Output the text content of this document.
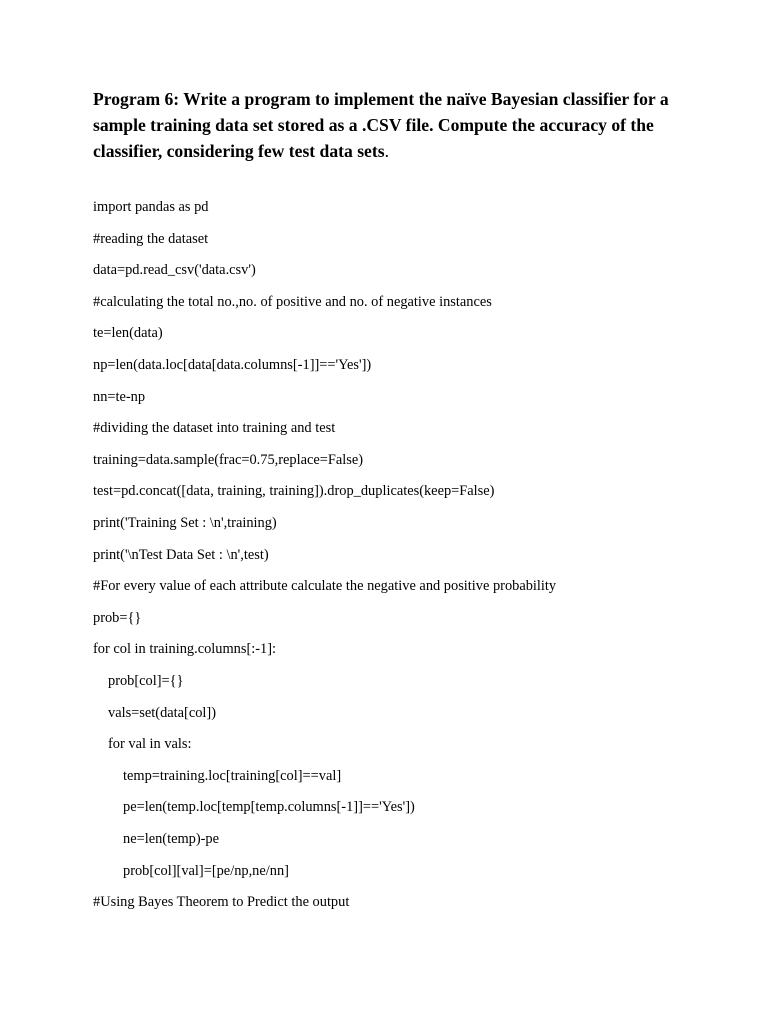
Program 6: Write a program to implement the naïve Bayesian classifier for a sample training data set stored as a .CSV file. Compute the accuracy of the classifier, considering few test data sets.

import pandas as pd

#reading the dataset

data=pd.read_csv('data.csv')

#calculating the total no.,no. of positive and no. of negative instances

te=len(data)

np=len(data.loc[data[data.columns[-1]]=='Yes'])

nn=te-np

#dividing the dataset into training and test

training=data.sample(frac=0.75,replace=False)

test=pd.concat([data, training, training]).drop_duplicates(keep=False)

print('Training Set : \n',training)

print('\nTest Data Set : \n',test)

#For every value of each attribute calculate the negative and positive probability

prob={}

for col in training.columns[:-1]:

prob[col]={}

vals=set(data[col])

for val in vals:

temp=training.loc[training[col]==val]

pe=len(temp.loc[temp[temp.columns[-1]]=='Yes'])

ne=len(temp)-pe

prob[col][val]=[pe/np,ne/nn]

#Using Bayes Theorem to Predict the output
